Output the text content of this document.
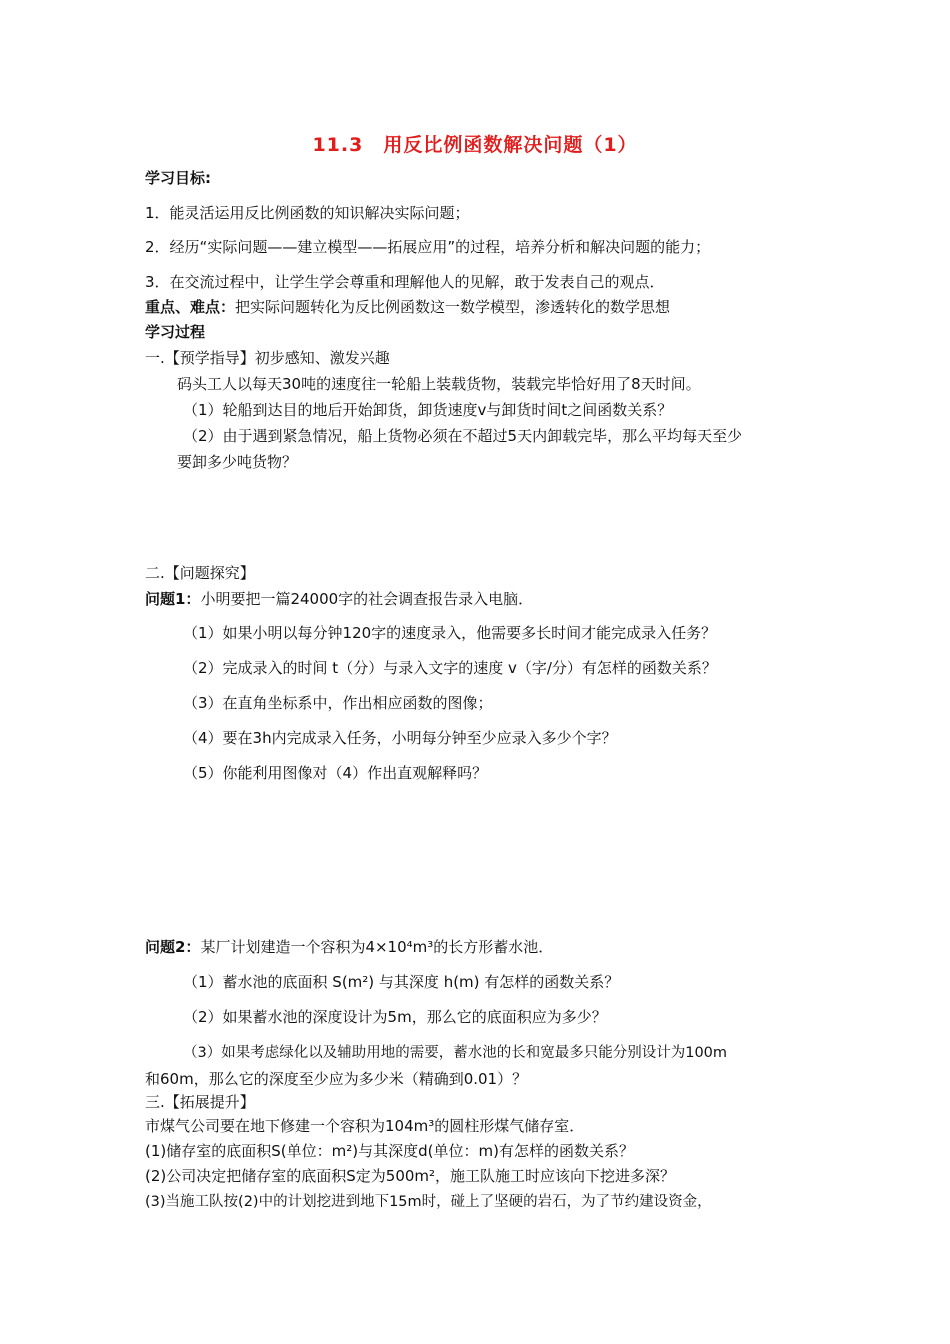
11.3　用反比例函数解决问题（1）
学习目标:
1．能灵活运用反比例函数的知识解决实际问题；
2．经历“实际问题——建立模型——拓展应用”的过程，培养分析和解决问题的能力；
3．在交流过程中，让学生学会尊重和理解他人的见解，敢于发表自己的观点．
重点、难点：把实际问题转化为反比例函数这一数学模型，渗透转化的数学思想
学习过程
一.【预学指导】初步感知、激发兴趣
码头工人以每天30吨的速度往一轮船上装载货物，装载完毕恰好用了8天时间。
（1）轮船到达目的地后开始卸货，卸货速度v与卸货时间t之间函数关系？
（2）由于遇到紧急情况，船上货物必须在不超过5天内卸载完毕，那么平均每天至少
要卸多少吨货物？
二.【问题探究】
问题1：小明要把一篇24000字的社会调查报告录入电脑．
（1）如果小明以每分钟120字的速度录入，他需要多长时间才能完成录入任务？
（2）完成录入的时间 t（分）与录入文字的速度 v（字/分）有怎样的函数关系？
（3）在直角坐标系中，作出相应函数的图像；
（4）要在3h内完成录入任务，小明每分钟至少应录入多少个字？
（5）你能利用图像对（4）作出直观解释吗？
问题2：某厂计划建造一个容积为4×10⁴m³的长方形蓄水池．
（1）蓄水池的底面积 S(m²) 与其深度 h(m) 有怎样的函数关系？
（2）如果蓄水池的深度设计为5m，那么它的底面积应为多少？
（3）如果考虑绿化以及辅助用地的需要，蓄水池的长和宽最多只能分别设计为100m
和60m，那么它的深度至少应为多少米（精确到0.01）？
三.【拓展提升】
市煤气公司要在地下修建一个容积为104m³的圆柱形煤气储存室．
(1)储存室的底面积S(单位：m²)与其深度d(单位：m)有怎样的函数关系？
(2)公司决定把储存室的底面积S定为500m²，施工队施工时应该向下挖进多深？
(3)当施工队按(2)中的计划挖进到地下15m时，碰上了坚硬的岩石，为了节约建设资金，
